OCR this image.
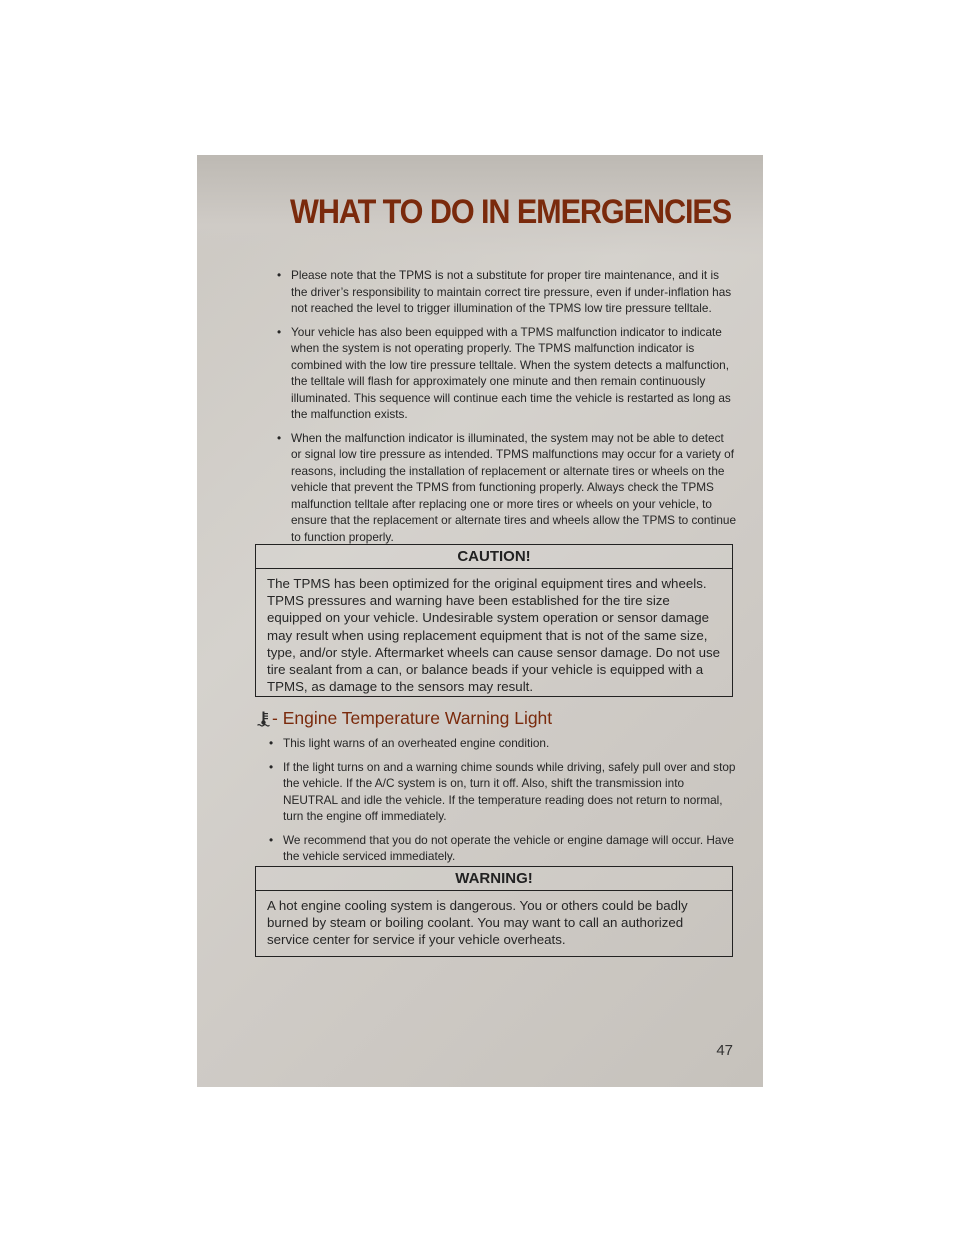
WHAT TO DO IN EMERGENCIES
• Please note that the TPMS is not a substitute for proper tire maintenance, and it is the driver’s responsibility to maintain correct tire pressure, even if under-inflation has not reached the level to trigger illumination of the TPMS low tire pressure telltale.
• Your vehicle has also been equipped with a TPMS malfunction indicator to indicate when the system is not operating properly. The TPMS malfunction indicator is combined with the low tire pressure telltale. When the system detects a malfunction, the telltale will flash for approximately one minute and then remain continuously illuminated. This sequence will continue each time the vehicle is restarted as long as the malfunction exists.
• When the malfunction indicator is illuminated, the system may not be able to detect or signal low tire pressure as intended. TPMS malfunctions may occur for a variety of reasons, including the installation of replacement or alternate tires or wheels on the vehicle that prevent the TPMS from functioning properly. Always check the TPMS malfunction telltale after replacing one or more tires or wheels on your vehicle, to ensure that the replacement or alternate tires and wheels allow the TPMS to continue to function properly.
CAUTION!

The TPMS has been optimized for the original equipment tires and wheels. TPMS pressures and warning have been established for the tire size equipped on your vehicle. Undesirable system operation or sensor damage may result when using replacement equipment that is not of the same size, type, and/or style. Aftermarket wheels can cause sensor damage. Do not use tire sealant from a can, or balance beads if your vehicle is equipped with a TPMS, as damage to the sensors may result.

- Engine Temperature Warning Light
• This light warns of an overheated engine condition.
• If the light turns on and a warning chime sounds while driving, safely pull over and stop the vehicle. If the A/C system is on, turn it off. Also, shift the transmission into NEUTRAL and idle the vehicle. If the temperature reading does not return to normal, turn the engine off immediately.
• We recommend that you do not operate the vehicle or engine damage will occur. Have the vehicle serviced immediately.
WARNING!

A hot engine cooling system is dangerous. You or others could be badly burned by steam or boiling coolant. You may want to call an authorized service center for service if your vehicle overheats.

47
